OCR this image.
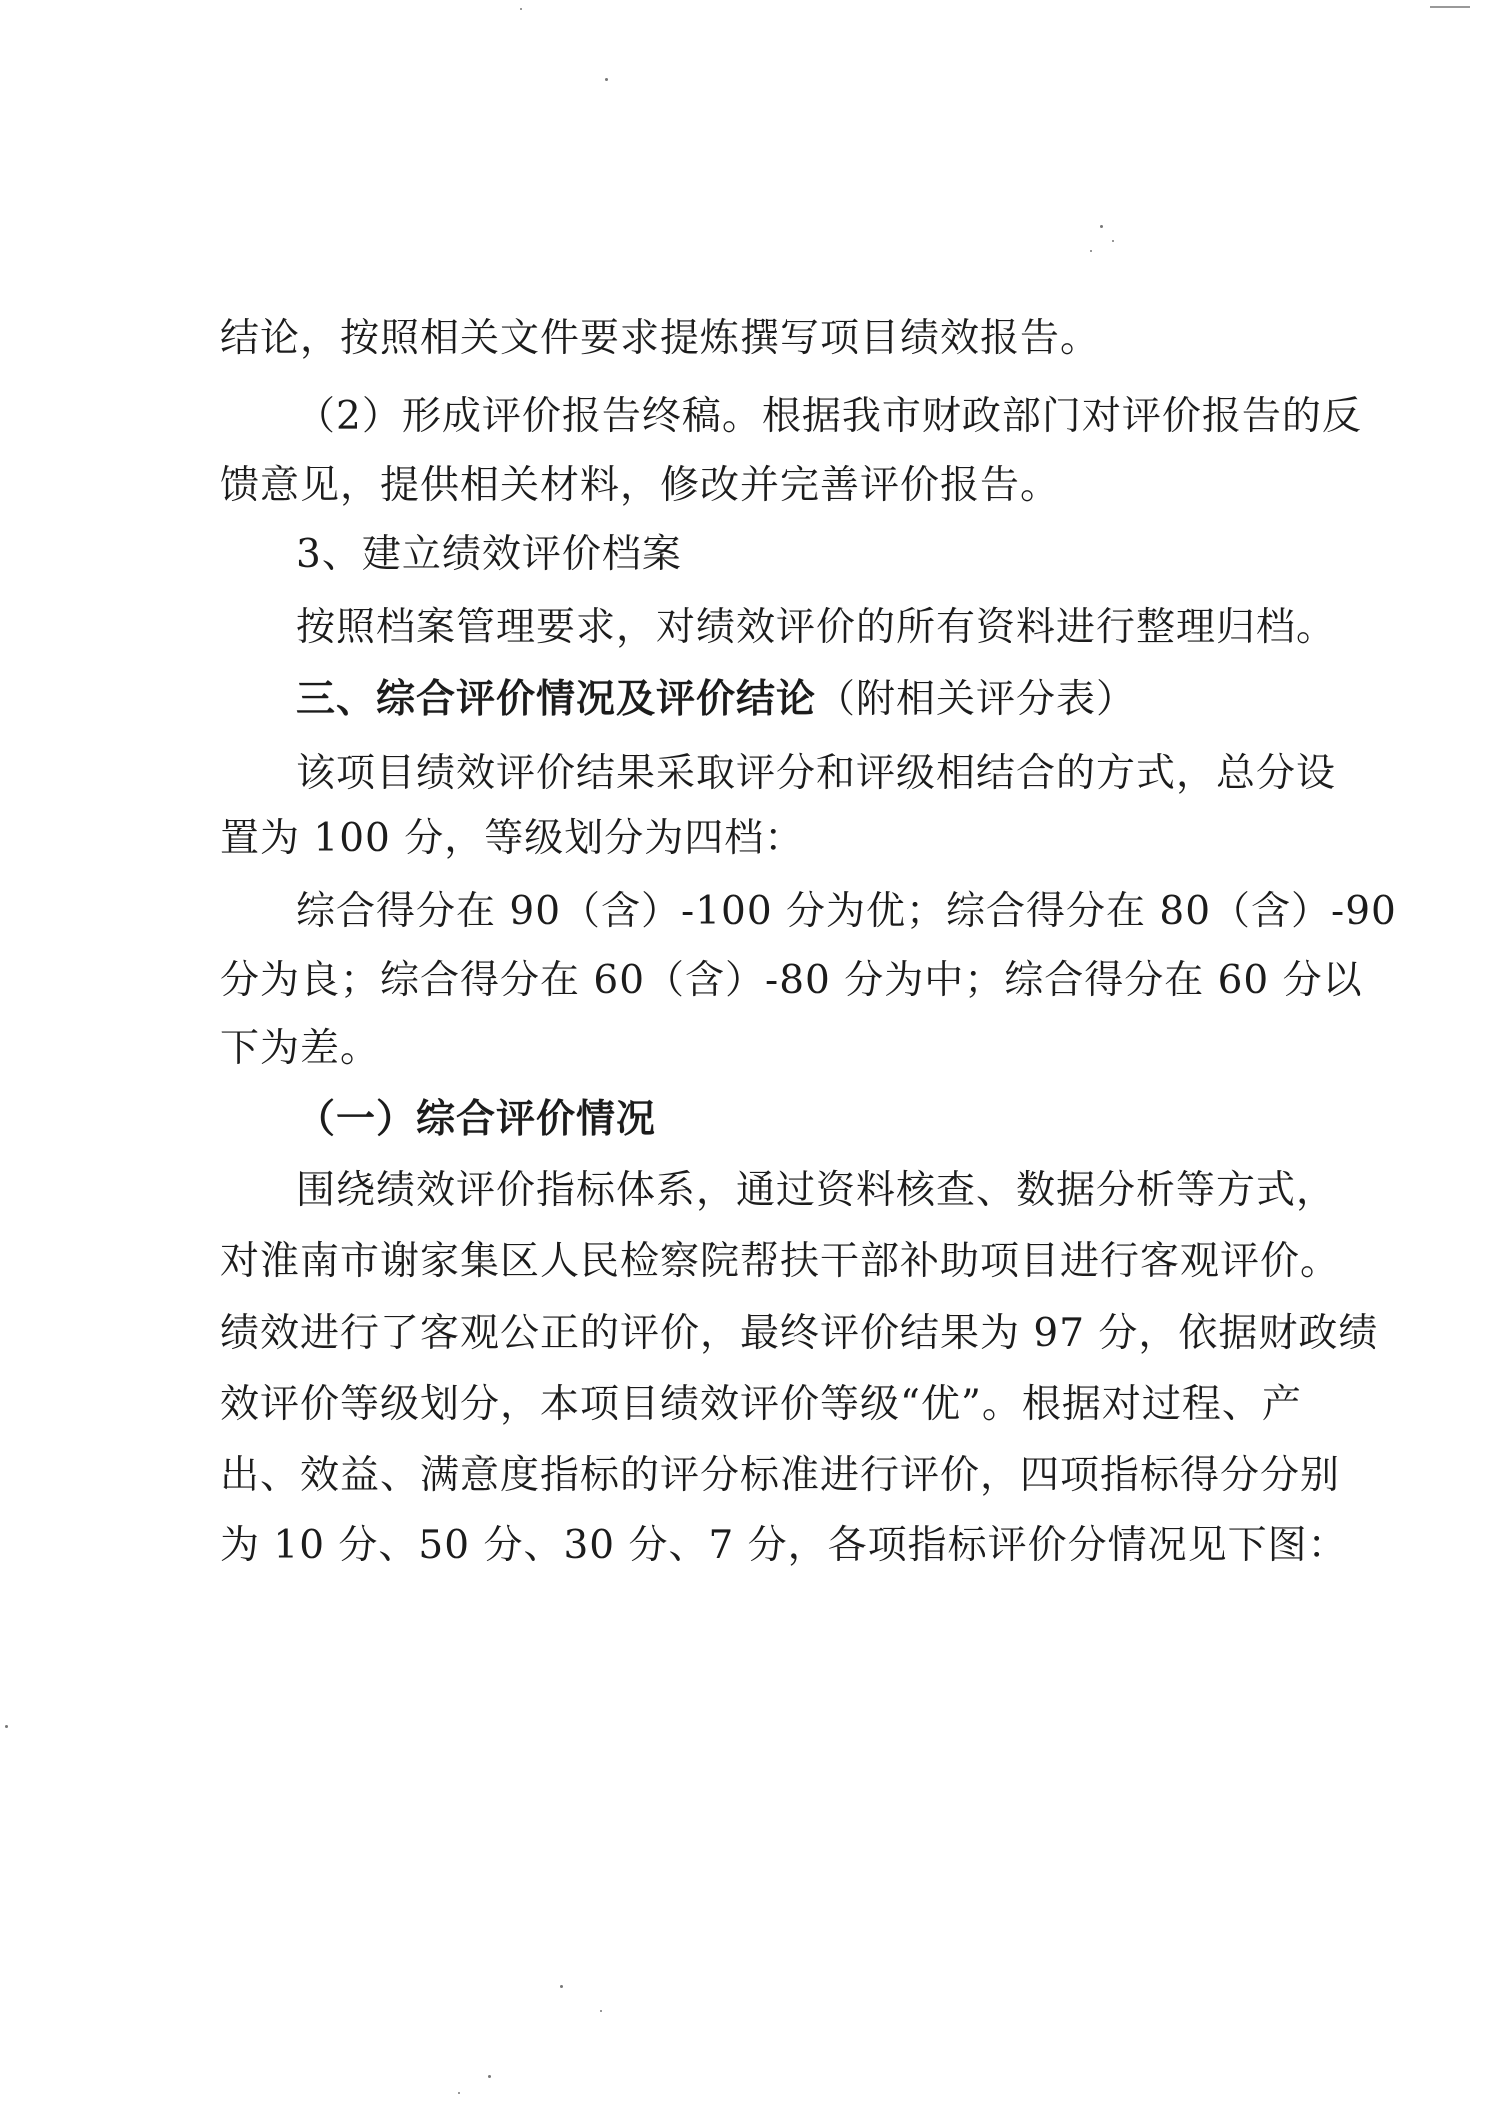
结论，按照相关文件要求提炼撰写项目绩效报告。
（2）形成评价报告终稿。根据我市财政部门对评价报告的反
馈意见，提供相关材料，修改并完善评价报告。
3、建立绩效评价档案
按照档案管理要求，对绩效评价的所有资料进行整理归档。
三、综合评价情况及评价结论（附相关评分表）
该项目绩效评价结果采取评分和评级相结合的方式，总分设
置为 100 分，等级划分为四档：
综合得分在 90（含）-100 分为优；综合得分在 80（含）-90
分为良；综合得分在 60（含）-80 分为中；综合得分在 60 分以
下为差。
（一）综合评价情况
围绕绩效评价指标体系，通过资料核查、数据分析等方式，
对淮南市谢家集区人民检察院帮扶干部补助项目进行客观评价。
绩效进行了客观公正的评价，最终评价结果为 97 分，依据财政绩
效评价等级划分，本项目绩效评价等级“优”。根据对过程、产
出、效益、满意度指标的评分标准进行评价，四项指标得分分别
为 10 分、50 分、30 分、7 分，各项指标评价分情况见下图：
